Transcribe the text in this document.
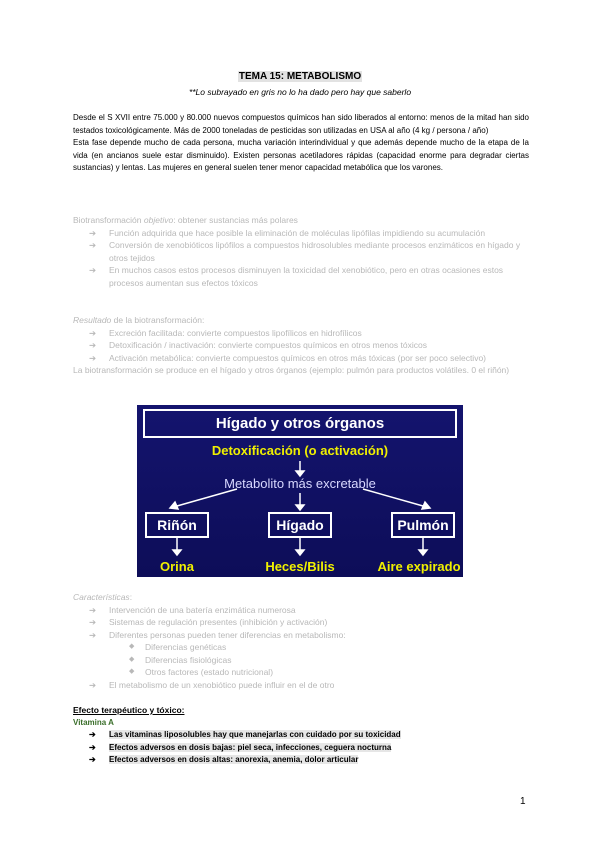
TEMA 15: METABOLISMO
**Lo subrayado en gris no lo ha dado pero hay que saberlo

Desde el S XVII entre 75.000 y 80.000 nuevos compuestos químicos han sido liberados al entorno: menos de la mitad han sido testados toxicológicamente. Más de 2000 toneladas de pesticidas son utilizadas en USA al año (4 kg / persona / año)

Esta fase depende mucho de cada persona, mucha variación interindividual y que además depende mucho de la etapa de la vida (en ancianos suele estar disminuido). Existen personas acetiladores rápidas (capacidad enorme para degradar ciertas sustancias) y lentas. Las mujeres en general suelen tener menor capacidad metabólica que los varones.

Biotransformación objetivo: obtener sustancias más polares

➔ Función adquirida que hace posible la eliminación de moléculas lipófilas impidiendo su acumulación
➔ Conversión de xenobióticos lipófilos a compuestos hidrosolubles mediante procesos enzimáticos en hígado y otros tejidos
➔ En muchos casos estos procesos disminuyen la toxicidad del xenobiótico, pero en otras ocasiones estos procesos aumentan sus efectos tóxicos

Resultado de la biotransformación:

➔ Excreción facilitada: convierte compuestos lipofílicos en hidrofílicos
➔ Detoxificación / inactivación: convierte compuestos químicos en otros menos tóxicos
➔ Activación metabólica: convierte compuestos químicos en otros más tóxicas (por ser poco selectivo)

La biotransformación se produce en el hígado y otros órganos (ejemplo: pulmón para productos volátiles. 0 el riñón)

Hígado y otros órganos
Detoxificación (o activación)
Metabolito más excretable
Riñón	Hígado	Pulmón
Orina	Heces/Bilis	Aire expirado

Características:

➔ Intervención de una batería enzimática numerosa
➔ Sistemas de regulación presentes (inhibición y activación)
➔ Diferentes personas pueden tener diferencias en metabolismo:
◆ Diferencias genéticas
◆ Diferencias fisiológicas
◆ Otros factores (estado nutricional)
➔ El metabolismo de un xenobiótico puede influir en el de otro

Efecto terapéutico y tóxico:

Vitamina A

➔ Las vitaminas liposolubles hay que manejarlas con cuidado por su toxicidad
➔ Efectos adversos en dosis bajas: piel seca, infecciones, ceguera nocturna
➔ Efectos adversos en dosis altas: anorexia, anemia, dolor articular
1
